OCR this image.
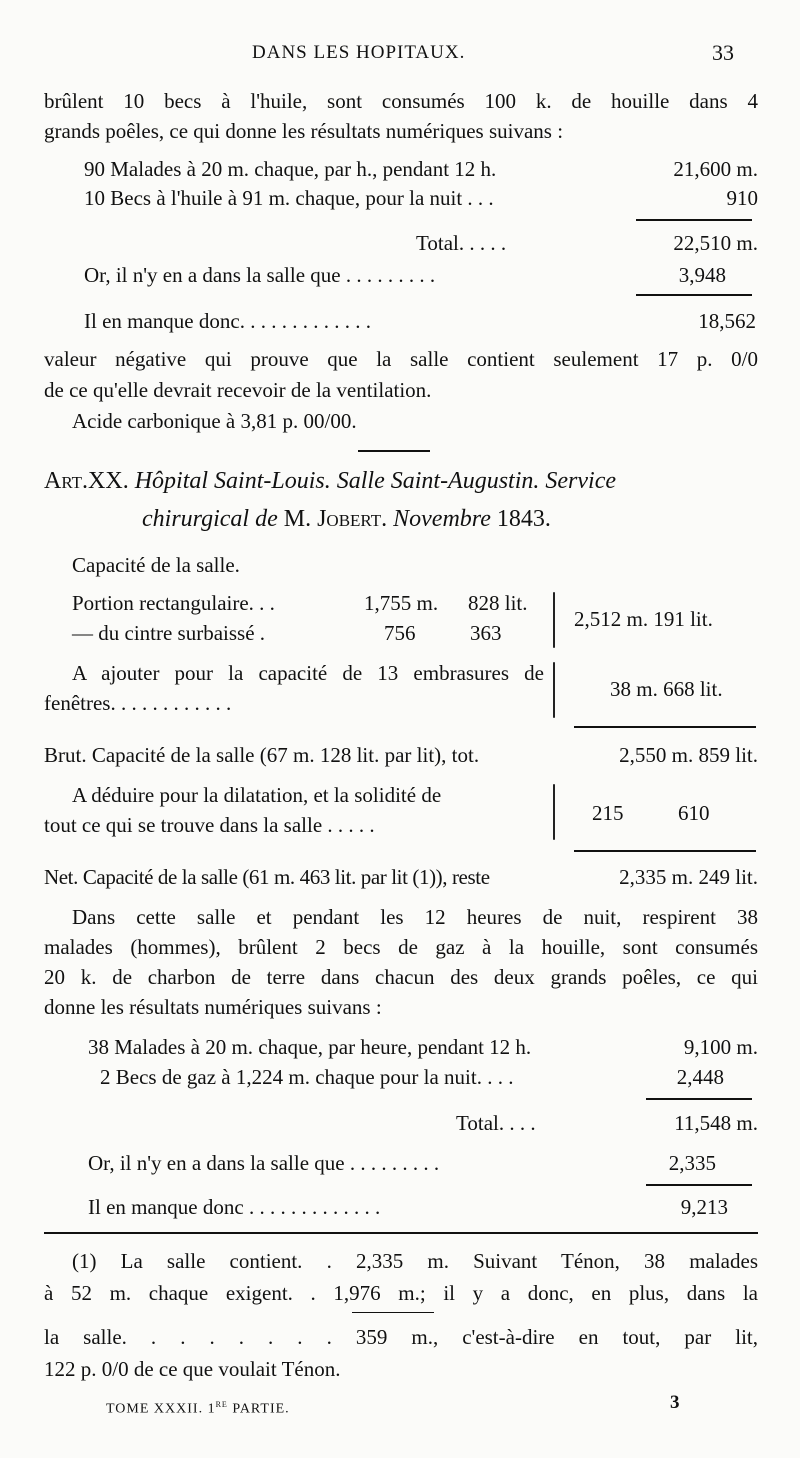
DANS LES HOPITAUX.	33
brûlent 10 becs à l'huile, sont consumés 100 k. de houille dans 4
grands poêles, ce qui donne les résultats numériques suivans :
90 Malades à 20 m. chaque, par h., pendant 12 h.	21,600 m.
10 Becs à l'huile à 91 m. chaque, pour la nuit . . .	910
Total. . . . .	22,510 m.
Or, il n'y en a dans la salle que . . . . . . . . .	3,948
Il en manque donc. . . . . . . . . . . . .	18,562
valeur négative qui prouve que la salle contient seulement 17 p. 0/0
de ce qu'elle devrait recevoir de la ventilation.
Acide carbonique à 3,81 p. 00/00.
Art.XX. Hôpital Saint-Louis. Salle Saint-Augustin. Service
chirurgical de M. Jobert. Novembre 1843.
Capacité de la salle.
Portion rectangulaire. . .	1,755 m. 828 lit.
— du cintre surbaissé .	756	363
2,512 m. 191 lit.
A ajouter pour la capacité de 13 embrasures de
fenêtres. . . . . . . . . . . .
38 m. 668 lit.
Brut. Capacité de la salle (67 m. 128 lit. par lit), tot.	2,550 m. 859 lit.
A déduire pour la dilatation, et la solidité de
tout ce qui se trouve dans la salle . . . . .	215	610
Net. Capacité de la salle (61 m. 463 lit. par lit (1)), reste	2,335 m. 249 lit.
Dans cette salle et pendant les 12 heures de nuit, respirent 38
malades (hommes), brûlent 2 becs de gaz à la houille, sont consumés
20 k. de charbon de terre dans chacun des deux grands poêles, ce qui
donne les résultats numériques suivans :
38 Malades à 20 m. chaque, par heure, pendant 12 h.	9,100 m.
2 Becs de gaz à 1,224 m. chaque pour la nuit. . . .	2,448
Total. . . .	11,548 m.
Or, il n'y en a dans la salle que . . . . . . . . .	2,335
Il en manque donc . . . . . . . . . . . . .	9,213
(1) La salle contient. . 2,335 m. Suivant Ténon, 38 malades
à 52 m. chaque exigent. . 1,976 m.; il y a donc, en plus, dans la
la salle. . . . . . . . 359 m., c'est-à-dire en tout, par lit,
122 p. 0/0 de ce que voulait Ténon.
TOME XXXII. 1re PARTIE.	3
